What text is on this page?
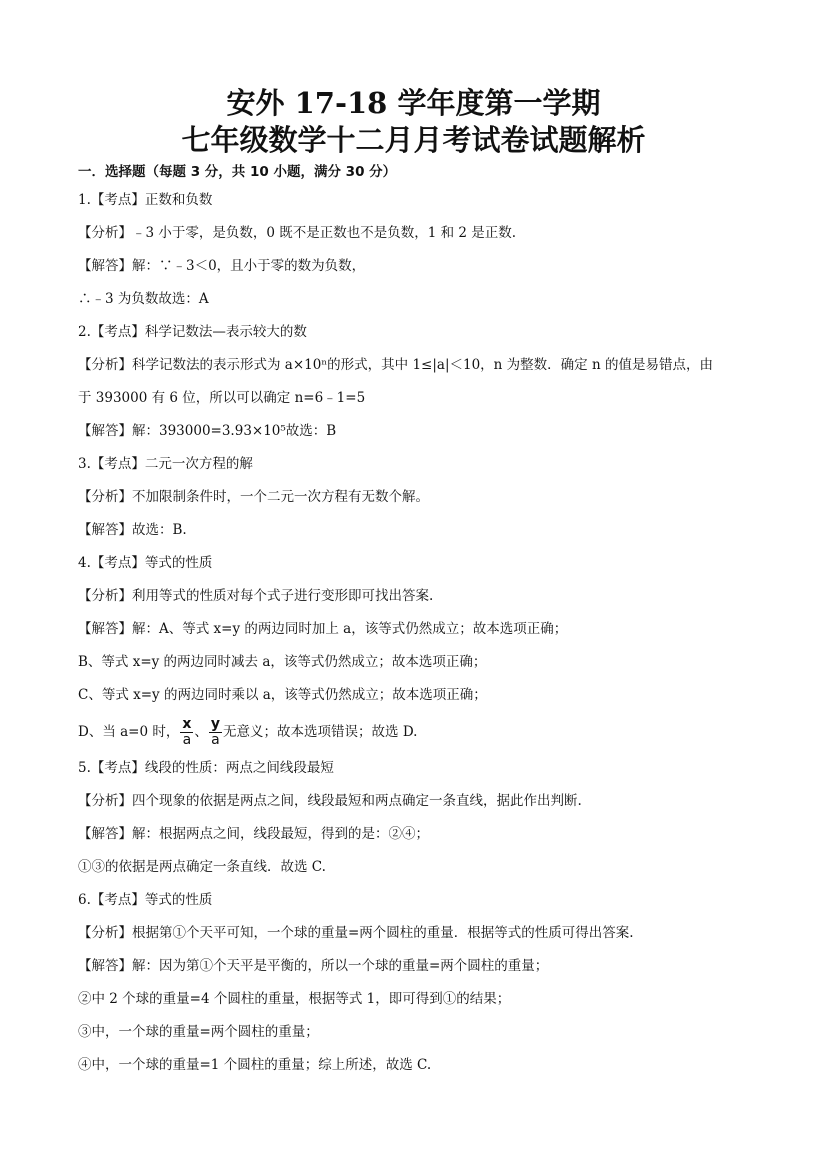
安外 17-18 学年度第一学期
七年级数学十二月月考试卷试题解析
一．选择题（每题 3 分，共 10 小题，满分 30 分）
1.【考点】正数和负数
【分析】﹣3 小于零，是负数，0 既不是正数也不是负数，1 和 2 是正数.
【解答】解：∵﹣3＜0，且小于零的数为负数，
∴﹣3 为负数故选：A
2.【考点】科学记数法—表示较大的数
【分析】科学记数法的表示形式为 a×10ⁿ的形式，其中 1≤|a|＜10，n 为整数．确定 n 的值是易错点，由
于 393000 有 6 位，所以可以确定 n=6﹣1=5
【解答】解：393000=3.93×10⁵故选：B
3.【考点】二元一次方程的解
【分析】不加限制条件时，一个二元一次方程有无数个解。
【解答】故选：B.
4.【考点】等式的性质
【分析】利用等式的性质对每个式子进行变形即可找出答案.
【解答】解：A、等式 x=y 的两边同时加上 a，该等式仍然成立；故本选项正确；
B、等式 x=y 的两边同时减去 a，该等式仍然成立；故本选项正确；
C、等式 x=y 的两边同时乘以 a，该等式仍然成立；故本选项正确；
D、当 a=0 时， $\frac{x}{a}$ 、 $\frac{y}{a}$ 无意义；故本选项错误；故选 D.
5.【考点】线段的性质：两点之间线段最短
【分析】四个现象的依据是两点之间，线段最短和两点确定一条直线，据此作出判断.
【解答】解：根据两点之间，线段最短，得到的是：②④；
①③的依据是两点确定一条直线．故选 C.
6.【考点】等式的性质
【分析】根据第①个天平可知，一个球的重量=两个圆柱的重量．根据等式的性质可得出答案.
【解答】解：因为第①个天平是平衡的，所以一个球的重量=两个圆柱的重量；
②中 2 个球的重量=4 个圆柱的重量，根据等式 1，即可得到①的结果；
③中，一个球的重量=两个圆柱的重量；
④中，一个球的重量=1 个圆柱的重量；综上所述，故选 C.
